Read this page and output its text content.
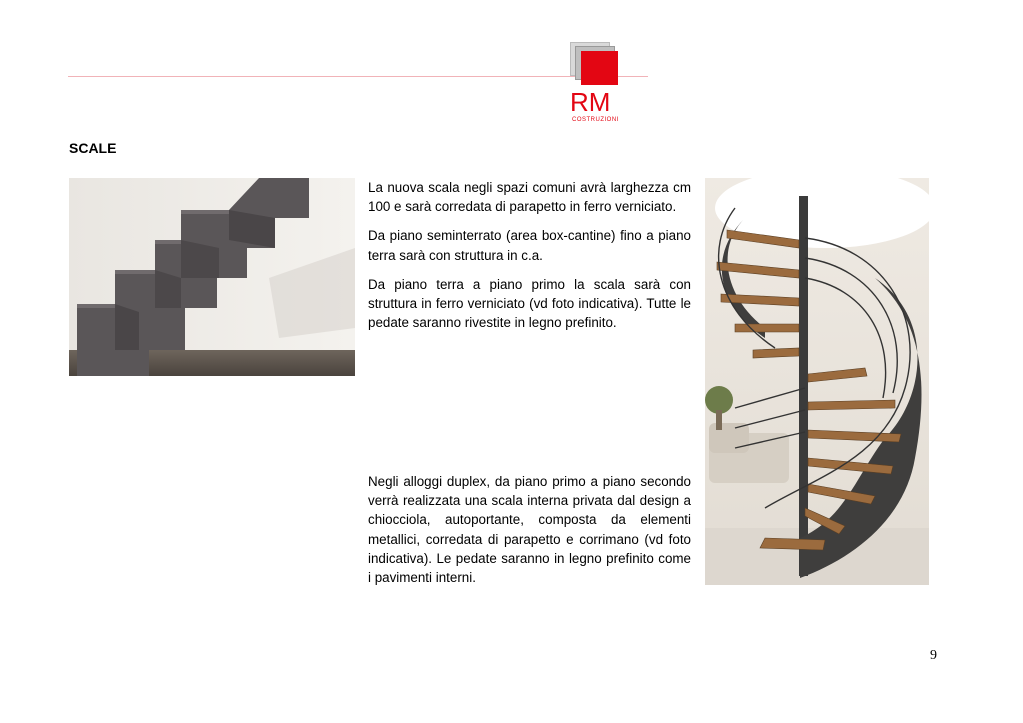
RM
COSTRUZIONI
SCALE

La nuova scala negli spazi comuni avrà larghezza cm 100 e sarà corredata di parapetto in ferro verniciato.

Da piano seminterrato (area box-cantine) fino a piano terra sarà con struttura in c.a.

Da piano terra a piano primo la scala sarà con struttura in ferro verniciato (vd foto indicativa). Tutte le pedate saranno rivestite in legno prefinito.

Negli alloggi duplex, da piano primo a piano secondo verrà realizzata una scala interna privata dal design a chiocciola, autoportante, composta da elementi metallici, corredata di parapetto e corrimano (vd foto indicativa). Le pedate saranno in legno prefinito come i pavimenti interni.

9
